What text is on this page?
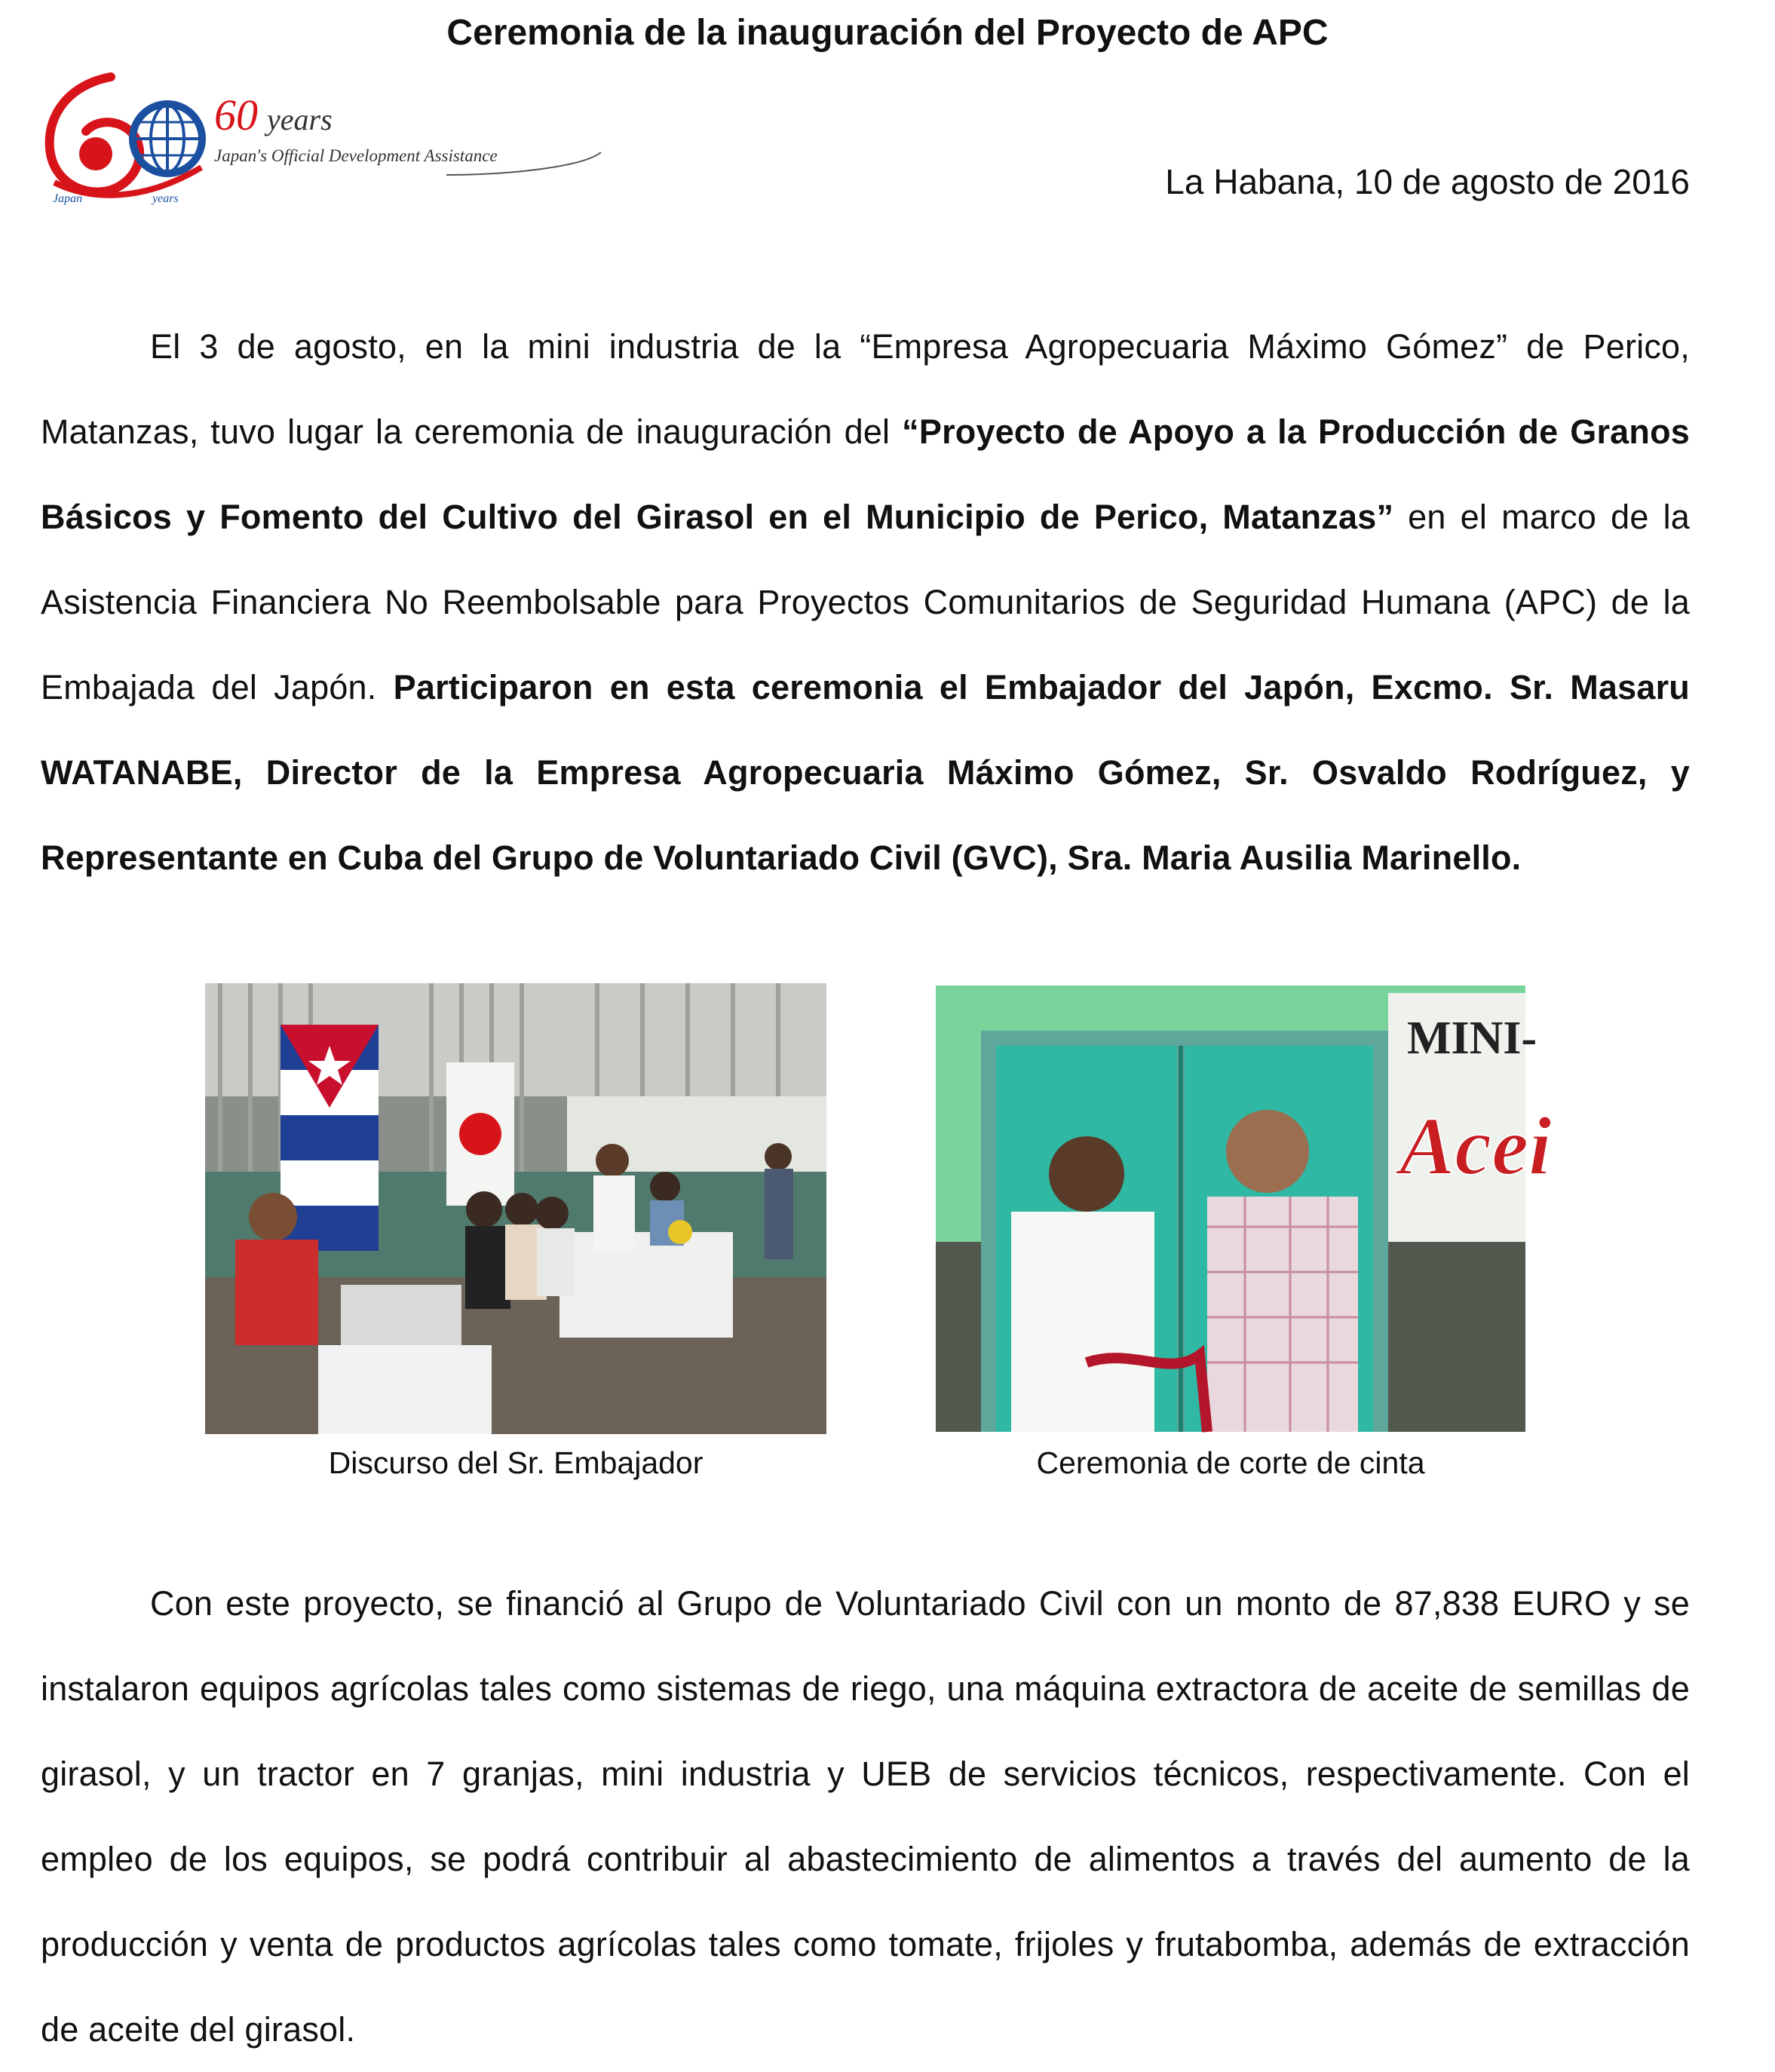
Ceremonia de la inauguración del Proyecto de APC
Japan	years
60 years
Japan's Official Development Assistance
La Habana, 10 de agosto de 2016

El 3 de agosto, en la mini industria de la “Empresa Agropecuaria Máximo Gómez” de Perico, Matanzas, tuvo lugar la ceremonia de inauguración del “Proyecto de Apoyo a la Producción de Granos Básicos y Fomento del Cultivo del Girasol en el Municipio de Perico, Matanzas” en el marco de la Asistencia Financiera No Reembolsable para Proyectos Comunitarios de Seguridad Humana (APC) de la Embajada del Japón. Participaron en esta ceremonia el Embajador del Japón, Excmo. Sr. Masaru WATANABE, Director de la Empresa Agropecuaria Máximo Gómez, Sr. Osvaldo Rodríguez, y Representante en Cuba del Grupo de Voluntariado Civil (GVC), Sra. Maria Ausilia Marinello.

Discurso del Sr. Embajador
MINI-
Acei
Ceremonia de corte de cinta

Con este proyecto, se financió al Grupo de Voluntariado Civil con un monto de 87,838 EURO y se instalaron equipos agrícolas tales como sistemas de riego, una máquina extractora de aceite de semillas de girasol, y un tractor en 7 granjas, mini industria y UEB de servicios técnicos, respectivamente. Con el empleo de los equipos, se podrá contribuir al abastecimiento de alimentos a través del aumento de la producción y venta de productos agrícolas tales como tomate, frijoles y frutabomba, además de extracción de aceite del girasol.
